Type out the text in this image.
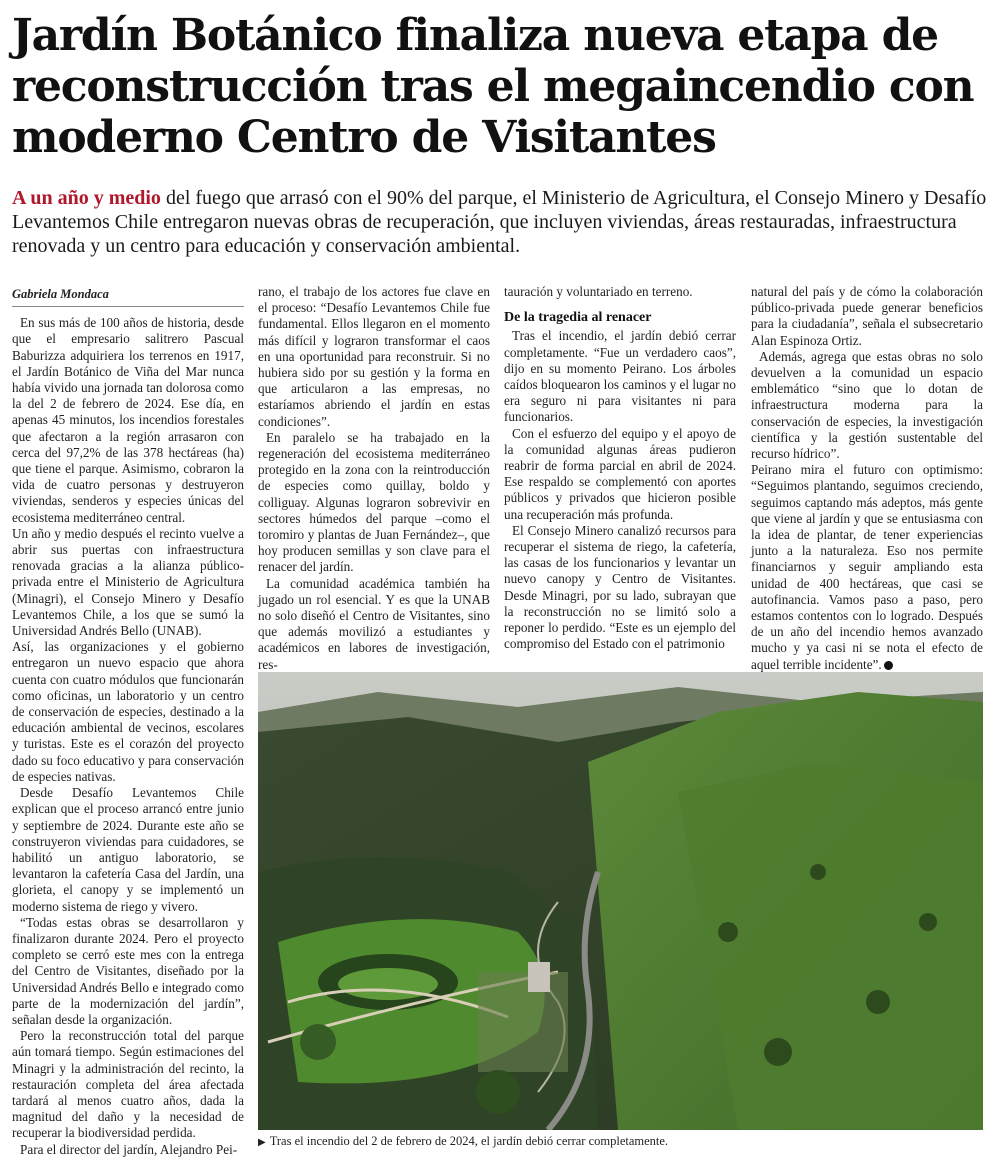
Jardín Botánico finaliza nueva etapa de reconstrucción tras el megaincendio con moderno Centro de Visitantes

A un año y medio del fuego que arrasó con el 90% del parque, el Ministerio de Agricultura, el Consejo Minero y Desafío Levantemos Chile entregaron nuevas obras de recuperación, que incluyen viviendas, áreas restauradas, infraestructura renovada y un centro para educación y conservación ambiental.

Gabriela Mondaca

En sus más de 100 años de historia, desde que el empresario salitrero Pascual Baburizza adquiriera los terrenos en 1917, el Jardín Botánico de Viña del Mar nunca había vivido una jornada tan dolorosa como la del 2 de febrero de 2024. Ese día, en apenas 45 minutos, los incendios forestales que afectaron a la región arrasaron con cerca del 97,2% de las 378 hectáreas (ha) que tiene el parque. Asimismo, cobraron la vida de cuatro personas y destruyeron viviendas, senderos y especies únicas del ecosistema mediterráneo central.

Un año y medio después el recinto vuelve a abrir sus puertas con infraestructura renovada gracias a la alianza público-privada entre el Ministerio de Agricultura (Minagri), el Consejo Minero y Desafío Levantemos Chile, a los que se sumó la Universidad Andrés Bello (UNAB).

Así, las organizaciones y el gobierno entregaron un nuevo espacio que ahora cuenta con cuatro módulos que funcionarán como oficinas, un laboratorio y un centro de conservación de especies, destinado a la educación ambiental de vecinos, escolares y turistas. Este es el corazón del proyecto dado su foco educativo y para conservación de especies nativas.

Desde Desafío Levantemos Chile explican que el proceso arrancó entre junio y septiembre de 2024. Durante este año se construyeron viviendas para cuidadores, se habilitó un antiguo laboratorio, se levantaron la cafetería Casa del Jardín, una glorieta, el canopy y se implementó un moderno sistema de riego y vivero.

“Todas estas obras se desarrollaron y finalizaron durante 2024. Pero el proyecto completo se cerró este mes con la entrega del Centro de Visitantes, diseñado por la Universidad Andrés Bello e integrado como parte de la modernización del jardín”, señalan desde la organización.

Pero la reconstrucción total del parque aún tomará tiempo. Según estimaciones del Minagri y la administración del recinto, la restauración completa del área afectada tardará al menos cuatro años, dada la magnitud del daño y la necesidad de recuperar la biodiversidad perdida.

Para el director del jardín, Alejandro Pei-

rano, el trabajo de los actores fue clave en el proceso: “Desafío Levantemos Chile fue fundamental. Ellos llegaron en el momento más difícil y lograron transformar el caos en una oportunidad para reconstruir. Si no hubiera sido por su gestión y la forma en que articularon a las empresas, no estaríamos abriendo el jardín en estas condiciones”.

En paralelo se ha trabajado en la regeneración del ecosistema mediterráneo protegido en la zona con la reintroducción de especies como quillay, boldo y colliguay. Algunas lograron sobrevivir en sectores húmedos del parque –como el toromiro y plantas de Juan Fernández–, que hoy producen semillas y son clave para el renacer del jardín.

La comunidad académica también ha jugado un rol esencial. Y es que la UNAB no solo diseñó el Centro de Visitantes, sino que además movilizó a estudiantes y académicos en labores de investigación, res-

tauración y voluntariado en terreno.

De la tragedia al renacer

Tras el incendio, el jardín debió cerrar completamente. “Fue un verdadero caos”, dijo en su momento Peirano. Los árboles caídos bloquearon los caminos y el lugar no era seguro ni para visitantes ni para funcionarios.

Con el esfuerzo del equipo y el apoyo de la comunidad algunas áreas pudieron reabrir de forma parcial en abril de 2024. Ese respaldo se complementó con aportes públicos y privados que hicieron posible una recuperación más profunda.

El Consejo Minero canalizó recursos para recuperar el sistema de riego, la cafetería, las casas de los funcionarios y levantar un nuevo canopy y Centro de Visitantes. Desde Minagri, por su lado, subrayan que la reconstrucción no se limitó solo a reponer lo perdido. “Este es un ejemplo del compromiso del Estado con el patrimonio

natural del país y de cómo la colaboración público-privada puede generar beneficios para la ciudadanía”, señala el subsecretario Alan Espinoza Ortiz.

Además, agrega que estas obras no solo devuelven a la comunidad un espacio emblemático “sino que lo dotan de infraestructura moderna para la conservación de especies, la investigación científica y la gestión sustentable del recurso hídrico”.

Peirano mira el futuro con optimismo: “Seguimos plantando, seguimos creciendo, seguimos captando más adeptos, más gente que viene al jardín y que se entusiasma con la idea de plantar, de tener experiencias junto a la naturaleza. Eso nos permite financiarnos y seguir ampliando esta unidad de 400 hectáreas, que casi se autofinancia. Vamos paso a paso, pero estamos contentos con lo logrado. Después de un año del incendio hemos avanzado mucho y ya casi ni se nota el efecto de aquel terrible incidente”.

▶ Tras el incendio del 2 de febrero de 2024, el jardín debió cerrar completamente.
